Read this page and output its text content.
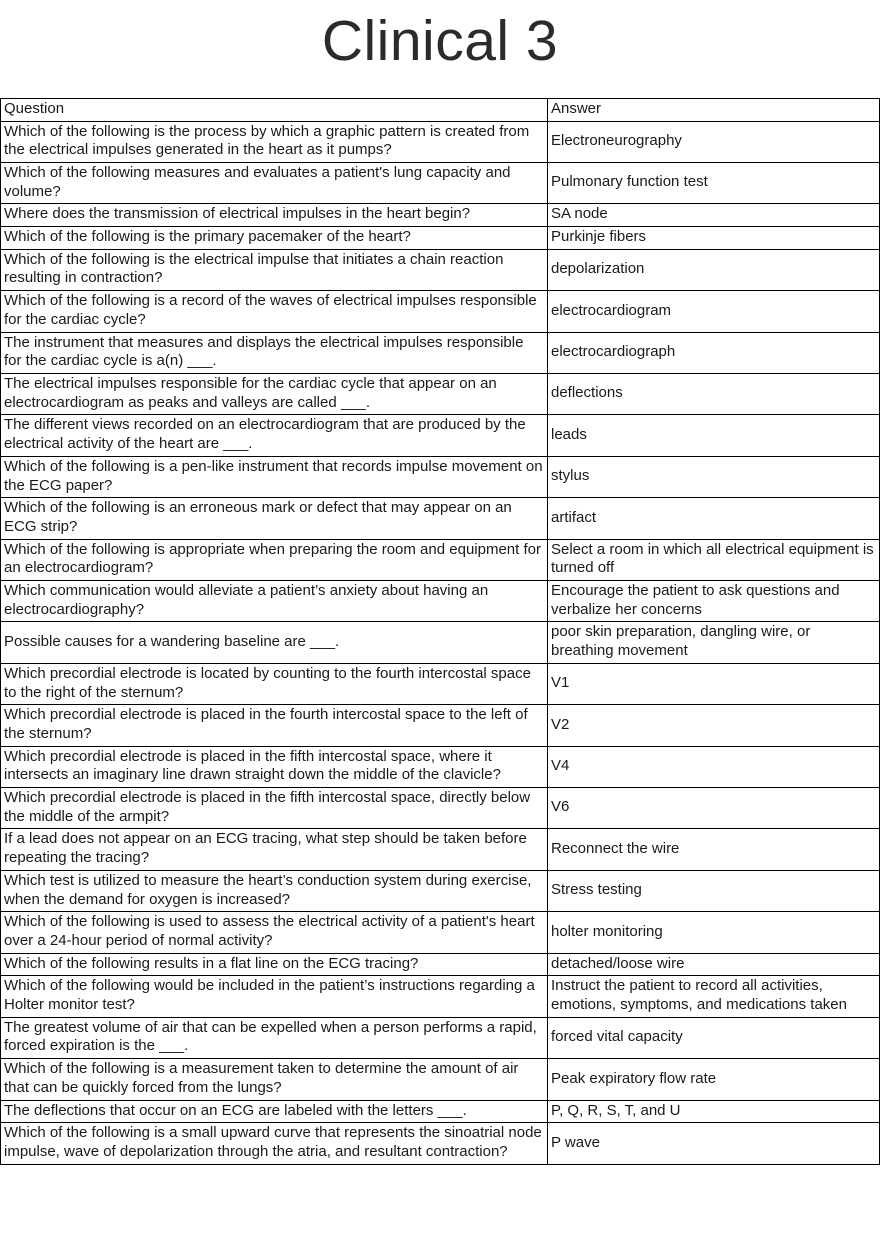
Clinical 3
Question	Answer
Which of the following is the process by which a graphic pattern is created from the electrical impulses generated in the heart as it pumps?	Electroneurography
Which of the following measures and evaluates a patient's lung capacity and volume?	Pulmonary function test
Where does the transmission of electrical impulses in the heart begin?	SA node
Which of the following is the primary pacemaker of the heart?	Purkinje fibers
Which of the following is the electrical impulse that initiates a chain reaction resulting in contraction?	depolarization
Which of the following is a record of the waves of electrical impulses responsible for the cardiac cycle?	electrocardiogram
The instrument that measures and displays the electrical impulses responsible for the cardiac cycle is a(n) ___.	electrocardiograph
The electrical impulses responsible for the cardiac cycle that appear on an electrocardiogram as peaks and valleys are called ___.	deflections
The different views recorded on an electrocardiogram that are produced by the electrical activity of the heart are ___.	leads
Which of the following is a pen-like instrument that records impulse movement on the ECG paper?	stylus
Which of the following is an erroneous mark or defect that may appear on an ECG strip?	artifact
Which of the following is appropriate when preparing the room and equipment for an electrocardiogram?	Select a room in which all electrical equipment is turned off
Which communication would alleviate a patient’s anxiety about having an electrocardiography?	Encourage the patient to ask questions and verbalize her concerns
Possible causes for a wandering baseline are ___.	poor skin preparation, dangling wire, or breathing movement
Which precordial electrode is located by counting to the fourth intercostal space to the right of the sternum?	V1
Which precordial electrode is placed in the fourth intercostal space to the left of the sternum?	V2
Which precordial electrode is placed in the fifth intercostal space, where it intersects an imaginary line drawn straight down the middle of the clavicle?	V4
Which precordial electrode is placed in the fifth intercostal space, directly below the middle of the armpit?	V6
If a lead does not appear on an ECG tracing, what step should be taken before repeating the tracing?	Reconnect the wire
Which test is utilized to measure the heart’s conduction system during exercise, when the demand for oxygen is increased?	Stress testing
Which of the following is used to assess the electrical activity of a patient's heart over a 24-hour period of normal activity?	holter monitoring
Which of the following results in a flat line on the ECG tracing?	detached/loose wire
Which of the following would be included in the patient’s instructions regarding a Holter monitor test?	Instruct the patient to record all activities, emotions, symptoms, and medications taken
The greatest volume of air that can be expelled when a person performs a rapid, forced expiration is the ___.	forced vital capacity
Which of the following is a measurement taken to determine the amount of air that can be quickly forced from the lungs?	Peak expiratory flow rate
The deflections that occur on an ECG are labeled with the letters ___.	P, Q, R, S, T, and U
Which of the following is a small upward curve that represents the sinoatrial node impulse, wave of depolarization through the atria, and resultant contraction?	P wave
